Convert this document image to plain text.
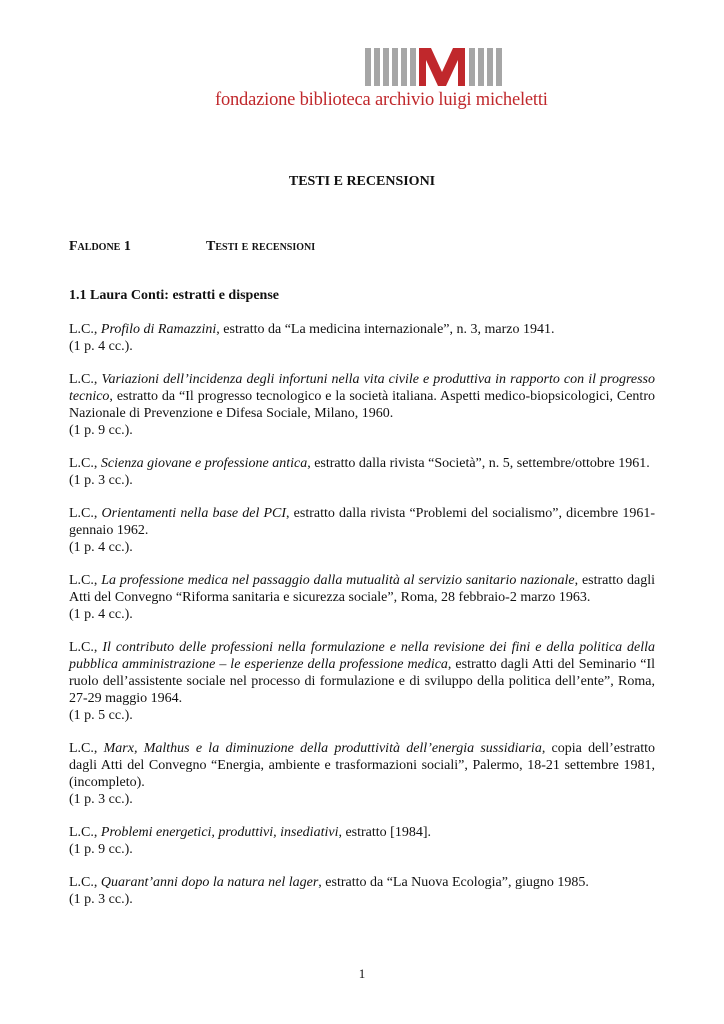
fondazione biblioteca archivio luigi micheletti
TESTI E RECENSIONI
Faldone 1	Testi e recensioni
1.1 Laura Conti: estratti e dispense
L.C., Profilo di Ramazzini, estratto da “La medicina internazionale”, n. 3, marzo 1941.
(1 p. 4 cc.).
L.C., Variazioni dell’incidenza degli infortuni nella vita civile e produttiva in rapporto con il progresso tecnico, estratto da “Il progresso tecnologico e la società italiana. Aspetti medico-biopsicologici, Centro Nazionale di Prevenzione e Difesa Sociale, Milano, 1960.
(1 p. 9 cc.).
L.C., Scienza giovane e professione antica, estratto dalla rivista “Società”, n. 5, settembre/ottobre 1961.
(1 p. 3 cc.).
L.C., Orientamenti nella base del PCI, estratto dalla rivista “Problemi del socialismo”, dicembre 1961-gennaio 1962.
(1 p. 4 cc.).
L.C., La professione medica nel passaggio dalla mutualità al servizio sanitario nazionale, estratto dagli Atti del Convegno “Riforma sanitaria e sicurezza sociale”, Roma, 28 febbraio-2 marzo 1963.
(1 p. 4 cc.).
L.C., Il contributo delle professioni nella formulazione e nella revisione dei fini e della politica della pubblica amministrazione – le esperienze della professione medica, estratto dagli Atti del Seminario “Il ruolo dell’assistente sociale nel processo di formulazione e di sviluppo della politica dell’ente”, Roma, 27-29 maggio 1964.
(1 p. 5 cc.).
L.C., Marx, Malthus e la diminuzione della produttività dell’energia sussidiaria, copia dell’estratto dagli Atti del Convegno “Energia, ambiente e trasformazioni sociali”, Palermo, 18-21 settembre 1981, (incompleto).
(1 p. 3 cc.).
L.C., Problemi energetici, produttivi, insediativi, estratto [1984].
(1 p. 9 cc.).
L.C., Quarant’anni dopo la natura nel lager, estratto da “La Nuova Ecologia”, giugno 1985.
(1 p. 3 cc.).
1
